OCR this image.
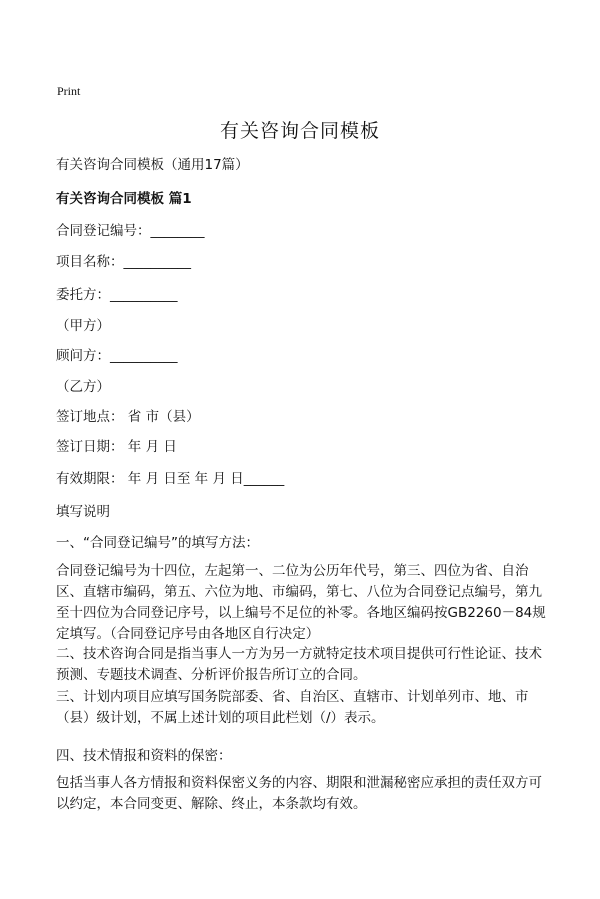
Print
有关咨询合同模板
有关咨询合同模板（通用17篇）
有关咨询合同模板 篇1
合同登记编号：________
项目名称：__________
委托方：__________
（甲方）
顾问方：__________
（乙方）
签订地点： 省 市（县）
签订日期： 年 月 日
有效期限： 年 月 日至 年 月 日______
填写说明
一、“合同登记编号”的填写方法：
合同登记编号为十四位，左起第一、二位为公历年代号，第三、四位为省、自治区、直辖市编码，第五、六位为地、市编码，第七、八位为合同登记点编号，第九至十四位为合同登记序号，以上编号不足位的补零。各地区编码按GB2260－84规定填写。（合同登记序号由各地区自行决定）
二、技术咨询合同是指当事人一方为另一方就特定技术项目提供可行性论证、技术预测、专题技术调查、分析评价报告所订立的合同。
三、计划内项目应填写国务院部委、省、自治区、直辖市、计划单列市、地、市（县）级计划，不属上述计划的项目此栏划（/）表示。
四、技术情报和资料的保密：
包括当事人各方情报和资料保密义务的内容、期限和泄漏秘密应承担的责任双方可以约定，本合同变更、解除、终止，本条款均有效。
